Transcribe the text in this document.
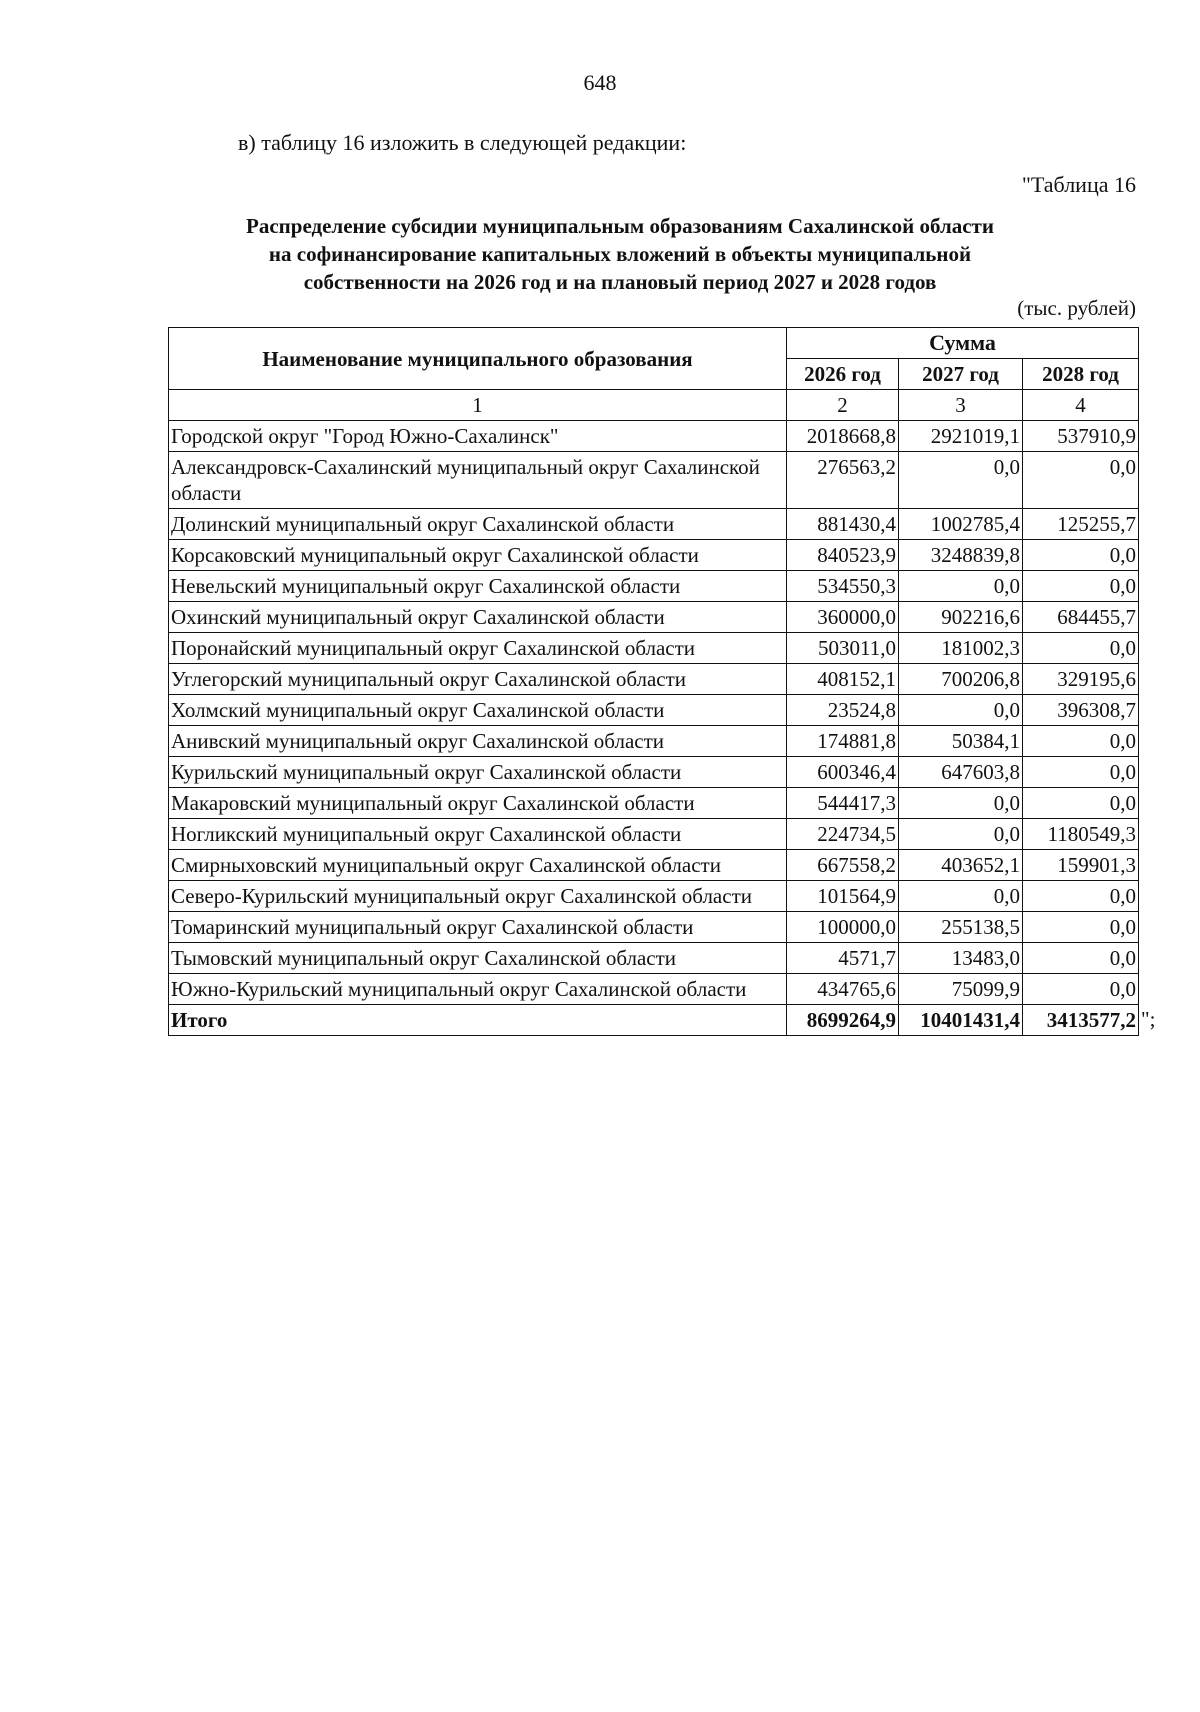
648
в) таблицу 16 изложить в следующей редакции:
"Таблица 16
Распределение субсидии муниципальным образованиям Сахалинской области
на софинансирование капитальных вложений в объекты муниципальной
собственности на 2026 год и на плановый период 2027 и 2028 годов
(тыс. рублей)
Наименование муниципального образования	Сумма		
	2026 год	2027 год	2028 год
1	2	3	4
Городской округ "Город Южно-Сахалинск"	2018668,8	2921019,1	537910,9
Александровск-Сахалинский муниципальный округ Сахалинской области	276563,2	0,0	0,0
Долинский муниципальный округ Сахалинской области	881430,4	1002785,4	125255,7
Корсаковский муниципальный округ Сахалинской области	840523,9	3248839,8	0,0
Невельский муниципальный округ Сахалинской области	534550,3	0,0	0,0
Охинский муниципальный округ Сахалинской области	360000,0	902216,6	684455,7
Поронайский муниципальный округ Сахалинской области	503011,0	181002,3	0,0
Углегорский муниципальный округ Сахалинской области	408152,1	700206,8	329195,6
Холмский муниципальный округ Сахалинской области	23524,8	0,0	396308,7
Анивский муниципальный округ Сахалинской области	174881,8	50384,1	0,0
Курильский муниципальный округ Сахалинской области	600346,4	647603,8	0,0
Макаровский муниципальный округ Сахалинской области	544417,3	0,0	0,0
Ногликский муниципальный округ Сахалинской области	224734,5	0,0	1180549,3
Смирныховский муниципальный округ Сахалинской области	667558,2	403652,1	159901,3
Северо-Курильский муниципальный округ Сахалинской области	101564,9	0,0	0,0
Томаринский муниципальный округ Сахалинской области	100000,0	255138,5	0,0
Тымовский муниципальный округ Сахалинской области	4571,7	13483,0	0,0
Южно-Курильский муниципальный округ Сахалинской области	434765,6	75099,9	0,0
Итого	8699264,9	10401431,4	3413577,2 ";
